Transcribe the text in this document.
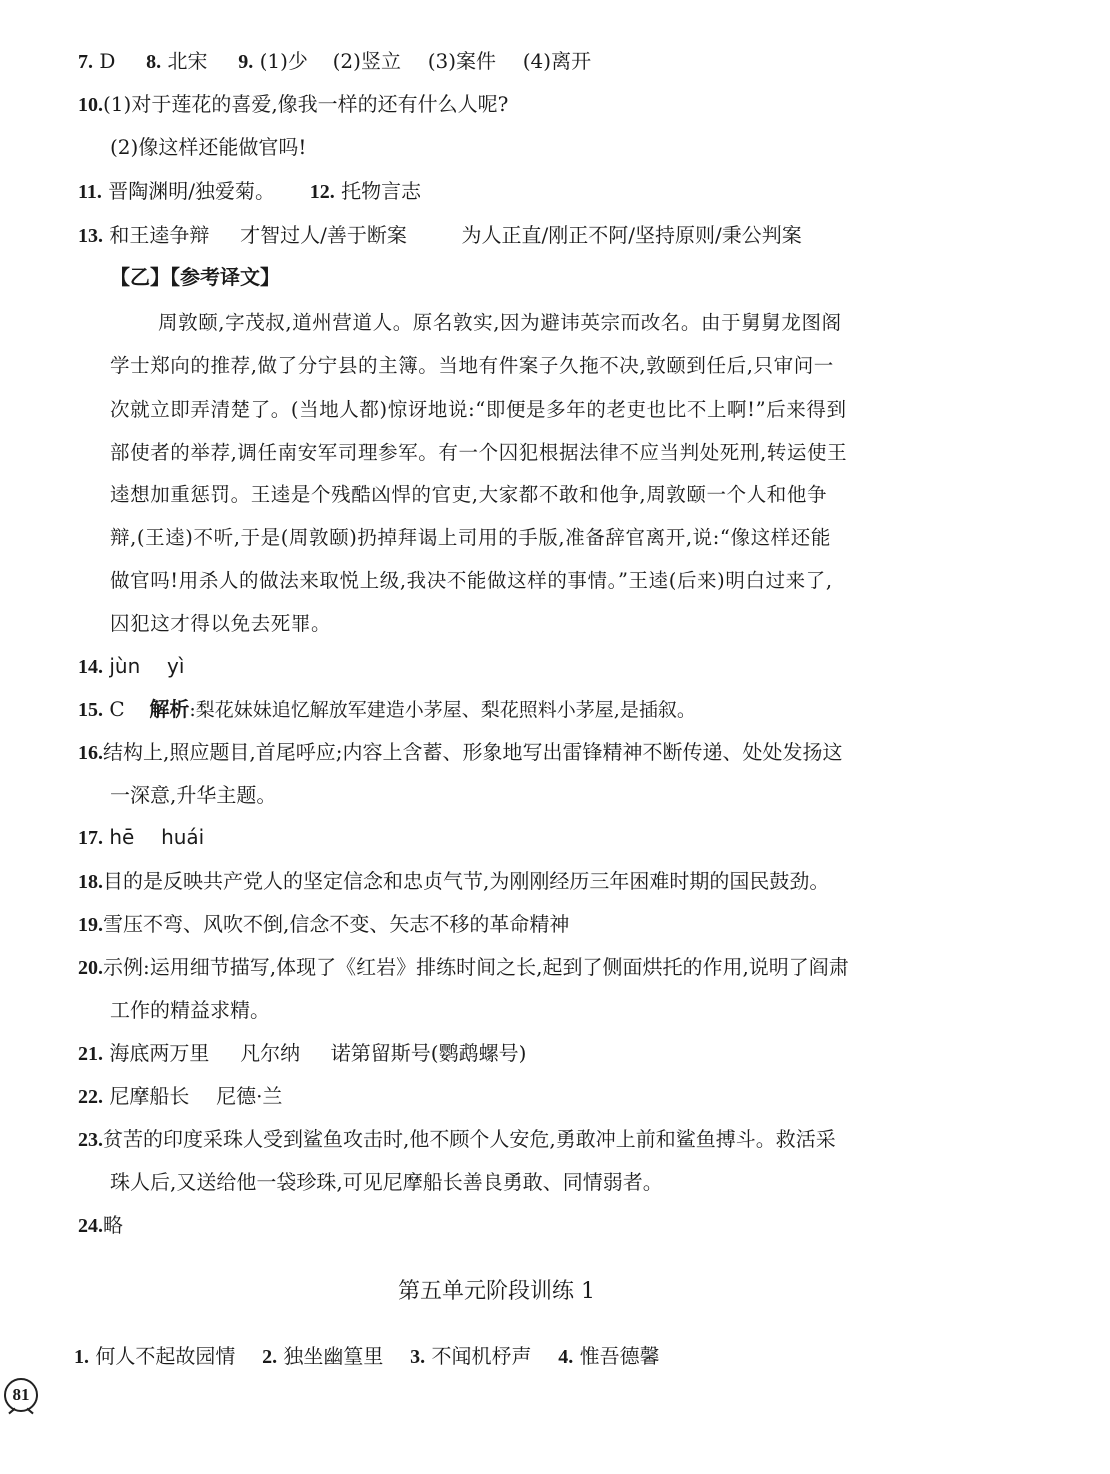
7. D 8. 北宋 9. (1)少 (2)竖立 (3)案件 (4)离开
10.(1)对于莲花的喜爱,像我一样的还有什么人呢?
(2)像这样还能做官吗!
11. 晋陶渊明/独爱菊。 12. 托物言志
13. 和王逵争辩 才智过人/善于断案	为人正直/刚正不阿/坚持原则/秉公判案
【乙】【参考译文】
周敦颐,字茂叔,道州营道人。原名敦实,因为避讳英宗而改名。由于舅舅龙图阁
学士郑向的推荐,做了分宁县的主簿。当地有件案子久拖不决,敦颐到任后,只审问一
次就立即弄清楚了。(当地人都)惊讶地说:“即便是多年的老吏也比不上啊!”后来得到
部使者的举荐,调任南安军司理参军。有一个囚犯根据法律不应当判处死刑,转运使王
逵想加重惩罚。王逵是个残酷凶悍的官吏,大家都不敢和他争,周敦颐一个人和他争
辩,(王逵)不听,于是(周敦颐)扔掉拜谒上司用的手版,准备辞官离开,说:“像这样还能
做官吗!用杀人的做法来取悦上级,我决不能做这样的事情。”王逵(后来)明白过来了,
囚犯这才得以免去死罪。
14. jùn yì
15. C 解析:梨花妹妹追忆解放军建造小茅屋、梨花照料小茅屋,是插叙。
16.结构上,照应题目,首尾呼应;内容上含蓄、形象地写出雷锋精神不断传递、处处发扬这
一深意,升华主题。
17. hē huái
18.目的是反映共产党人的坚定信念和忠贞气节,为刚刚经历三年困难时期的国民鼓劲。
19.雪压不弯、风吹不倒,信念不变、矢志不移的革命精神
20.示例:运用细节描写,体现了《红岩》排练时间之长,起到了侧面烘托的作用,说明了阎肃
工作的精益求精。
21. 海底两万里 凡尔纳 诺第留斯号(鹦鹉螺号)
22. 尼摩船长 尼德·兰
23.贫苦的印度采珠人受到鲨鱼攻击时,他不顾个人安危,勇敢冲上前和鲨鱼搏斗。救活采
珠人后,又送给他一袋珍珠,可见尼摩船长善良勇敢、同情弱者。
24.略
第五单元阶段训练 1
1. 何人不起故园情 2. 独坐幽篁里 3. 不闻机杼声 4. 惟吾德馨
81
